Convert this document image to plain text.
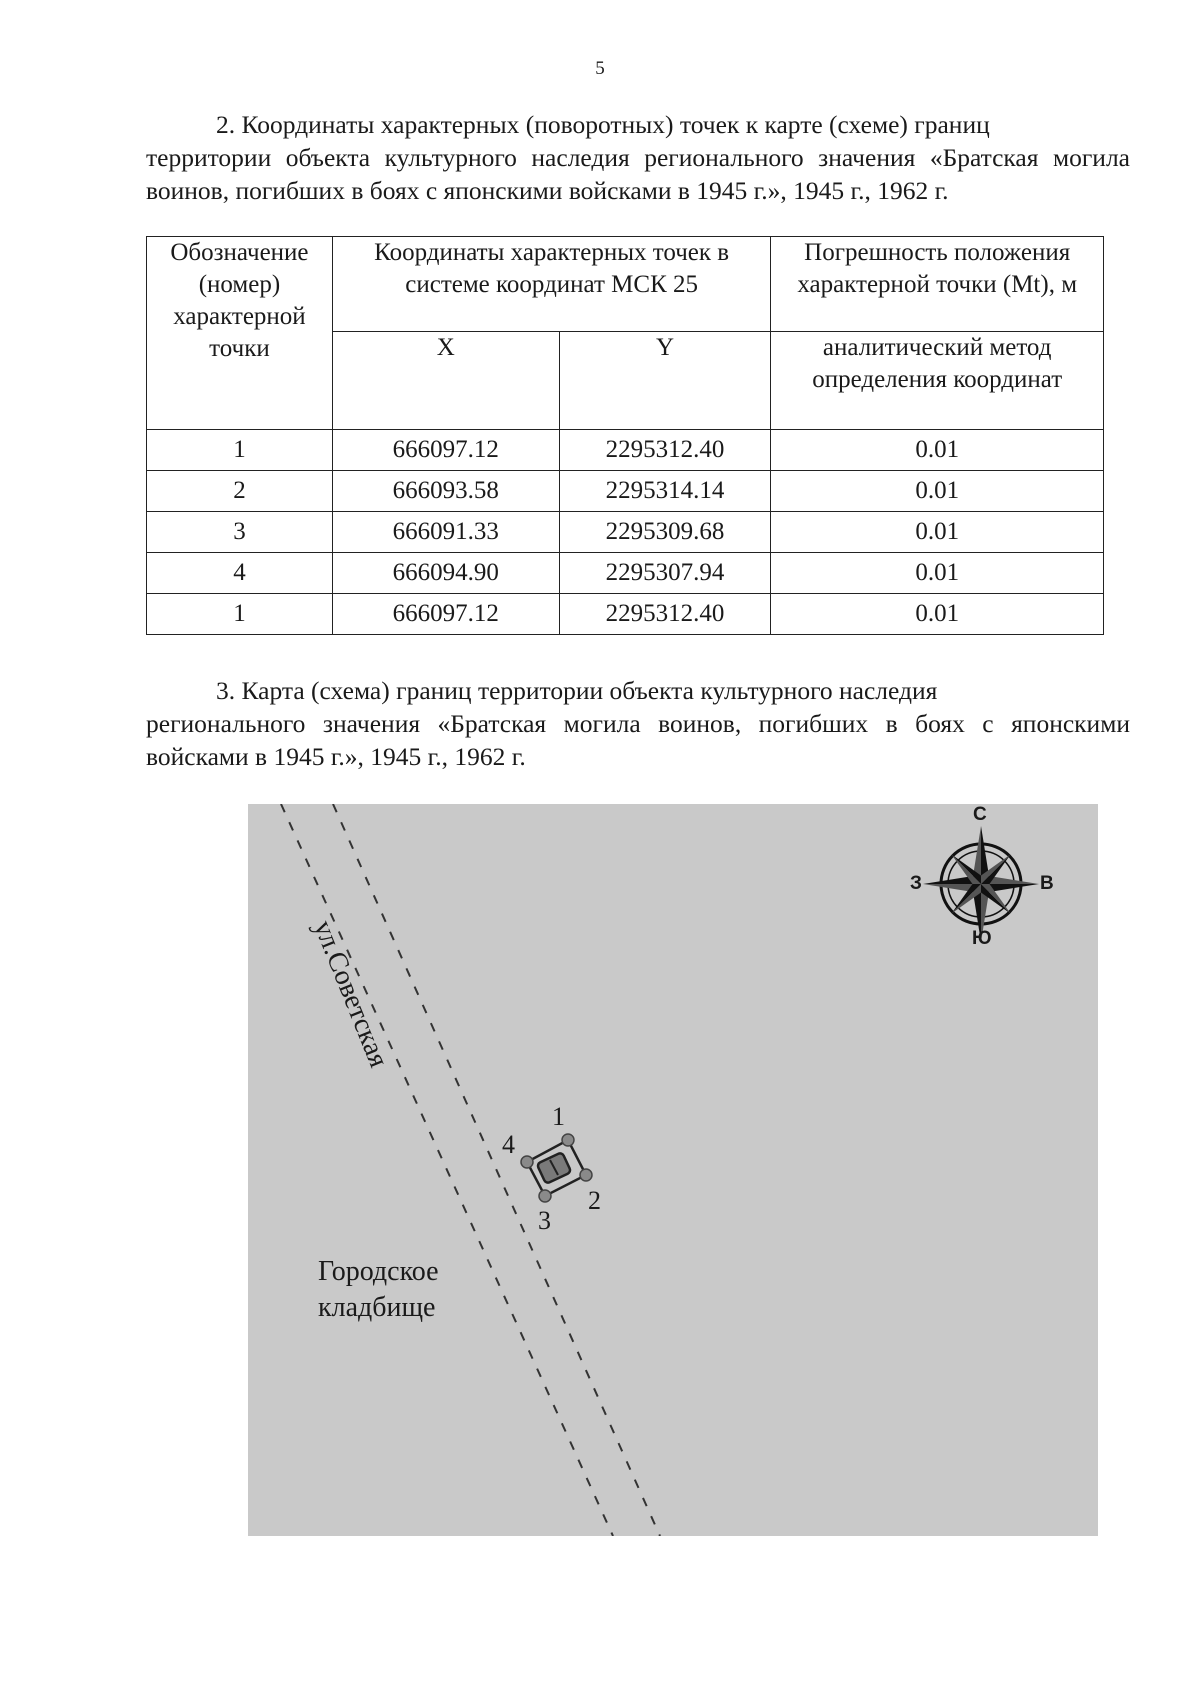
5
2. Координаты характерных (поворотных) точек к карте (схеме) границ
территории объекта культурного наследия регионального значения «Братская могила воинов, погибших в боях с японскими войсками в 1945 г.», 1945 г., 1962 г.
Обозначение (номер) характерной точки	Координаты характерных точек в системе координат МСК 25		Погрешность положения характерной точки (Mt), м
	X	Y	аналитический метод определения координат
1	666097.12	2295312.40	0.01
2	666093.58	2295314.14	0.01
3	666091.33	2295309.68	0.01
4	666094.90	2295307.94	0.01
1	666097.12	2295312.40	0.01
3. Карта (схема) границ территории объекта культурного наследия
регионального значения «Братская могила воинов, погибших в боях с японскими войсками в 1945 г.», 1945 г., 1962 г.
ул.Советская
Городское
кладбище
1
2
3
4
С
Ю
З	В
